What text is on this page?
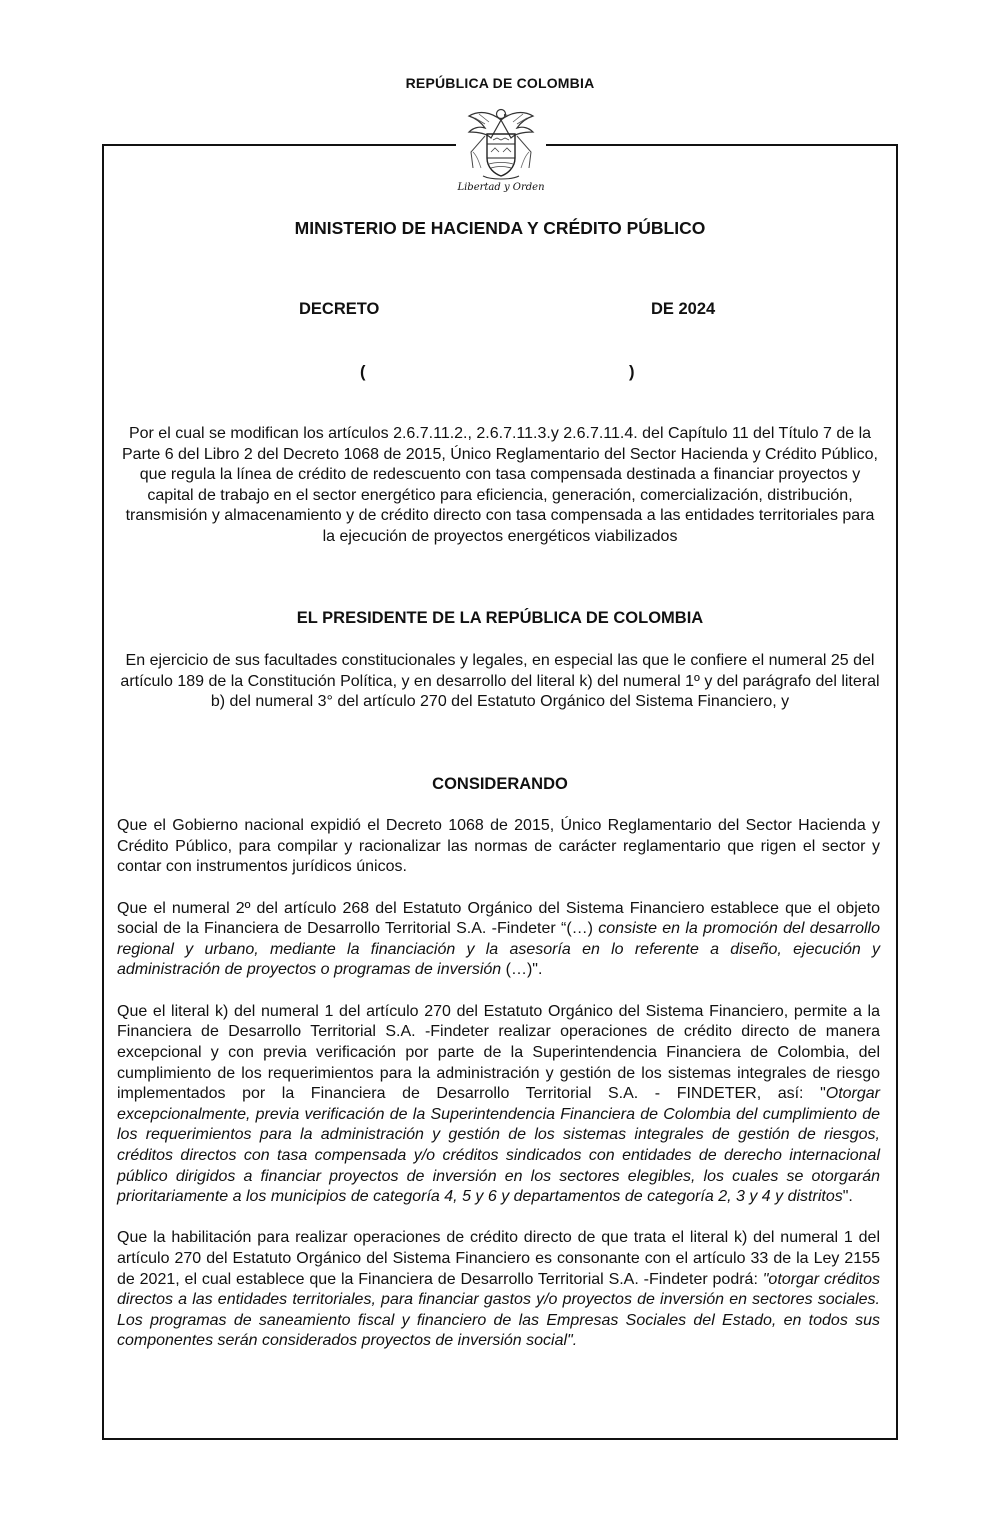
REPÚBLICA DE COLOMBIA
Libertad y Orden
MINISTERIO DE HACIENDA Y CRÉDITO PÚBLICO
DECRETO	DE 2024
(	)
Por el cual se modifican los artículos 2.6.7.11.2., 2.6.7.11.3.y 2.6.7.11.4. del Capítulo 11 del Título 7 de la Parte 6 del Libro 2 del Decreto 1068 de 2015, Único Reglamentario del Sector Hacienda y Crédito Público, que regula la línea de crédito de redescuento con tasa compensada destinada a financiar proyectos y capital de trabajo en el sector energético para eficiencia, generación, comercialización, distribución, transmisión y almacenamiento y de crédito directo con tasa compensada a las entidades territoriales para la ejecución de proyectos energéticos viabilizados
EL PRESIDENTE DE LA REPÚBLICA DE COLOMBIA
En ejercicio de sus facultades constitucionales y legales, en especial las que le confiere el numeral 25 del artículo 189 de la Constitución Política, y en desarrollo del literal k) del numeral 1º y del parágrafo del literal b) del numeral 3° del artículo 270 del Estatuto Orgánico del Sistema Financiero, y
CONSIDERANDO

Que el Gobierno nacional expidió el Decreto 1068 de 2015, Único Reglamentario del Sector Hacienda y Crédito Público, para compilar y racionalizar las normas de carácter reglamentario que rigen el sector y contar con instrumentos jurídicos únicos.

Que el numeral 2º del artículo 268 del Estatuto Orgánico del Sistema Financiero establece que el objeto social de la Financiera de Desarrollo Territorial S.A. -Findeter “(…) consiste en la promoción del desarrollo regional y urbano, mediante la financiación y la asesoría en lo referente a diseño, ejecución y administración de proyectos o programas de inversión (…)".

Que el literal k) del numeral 1 del artículo 270 del Estatuto Orgánico del Sistema Financiero, permite a la Financiera de Desarrollo Territorial S.A. -Findeter realizar operaciones de crédito directo de manera excepcional y con previa verificación por parte de la Superintendencia Financiera de Colombia, del cumplimiento de los requerimientos para la administración y gestión de los sistemas integrales de riesgo implementados por la Financiera de Desarrollo Territorial S.A. - FINDETER, así: "Otorgar excepcionalmente, previa verificación de la Superintendencia Financiera de Colombia del cumplimiento de los requerimientos para la administración y gestión de los sistemas integrales de gestión de riesgos, créditos directos con tasa compensada y/o créditos sindicados con entidades de derecho internacional público dirigidos a financiar proyectos de inversión en los sectores elegibles, los cuales se otorgarán prioritariamente a los municipios de categoría 4, 5 y 6 y departamentos de categoría 2, 3 y 4 y distritos".

Que la habilitación para realizar operaciones de crédito directo de que trata el literal k) del numeral 1 del artículo 270 del Estatuto Orgánico del Sistema Financiero es consonante con el artículo 33 de la Ley 2155 de 2021, el cual establece que la Financiera de Desarrollo Territorial S.A. -Findeter podrá: "otorgar créditos directos a las entidades territoriales, para financiar gastos y/o proyectos de inversión en sectores sociales. Los programas de saneamiento fiscal y financiero de las Empresas Sociales del Estado, en todos sus componentes serán considerados proyectos de inversión social".
